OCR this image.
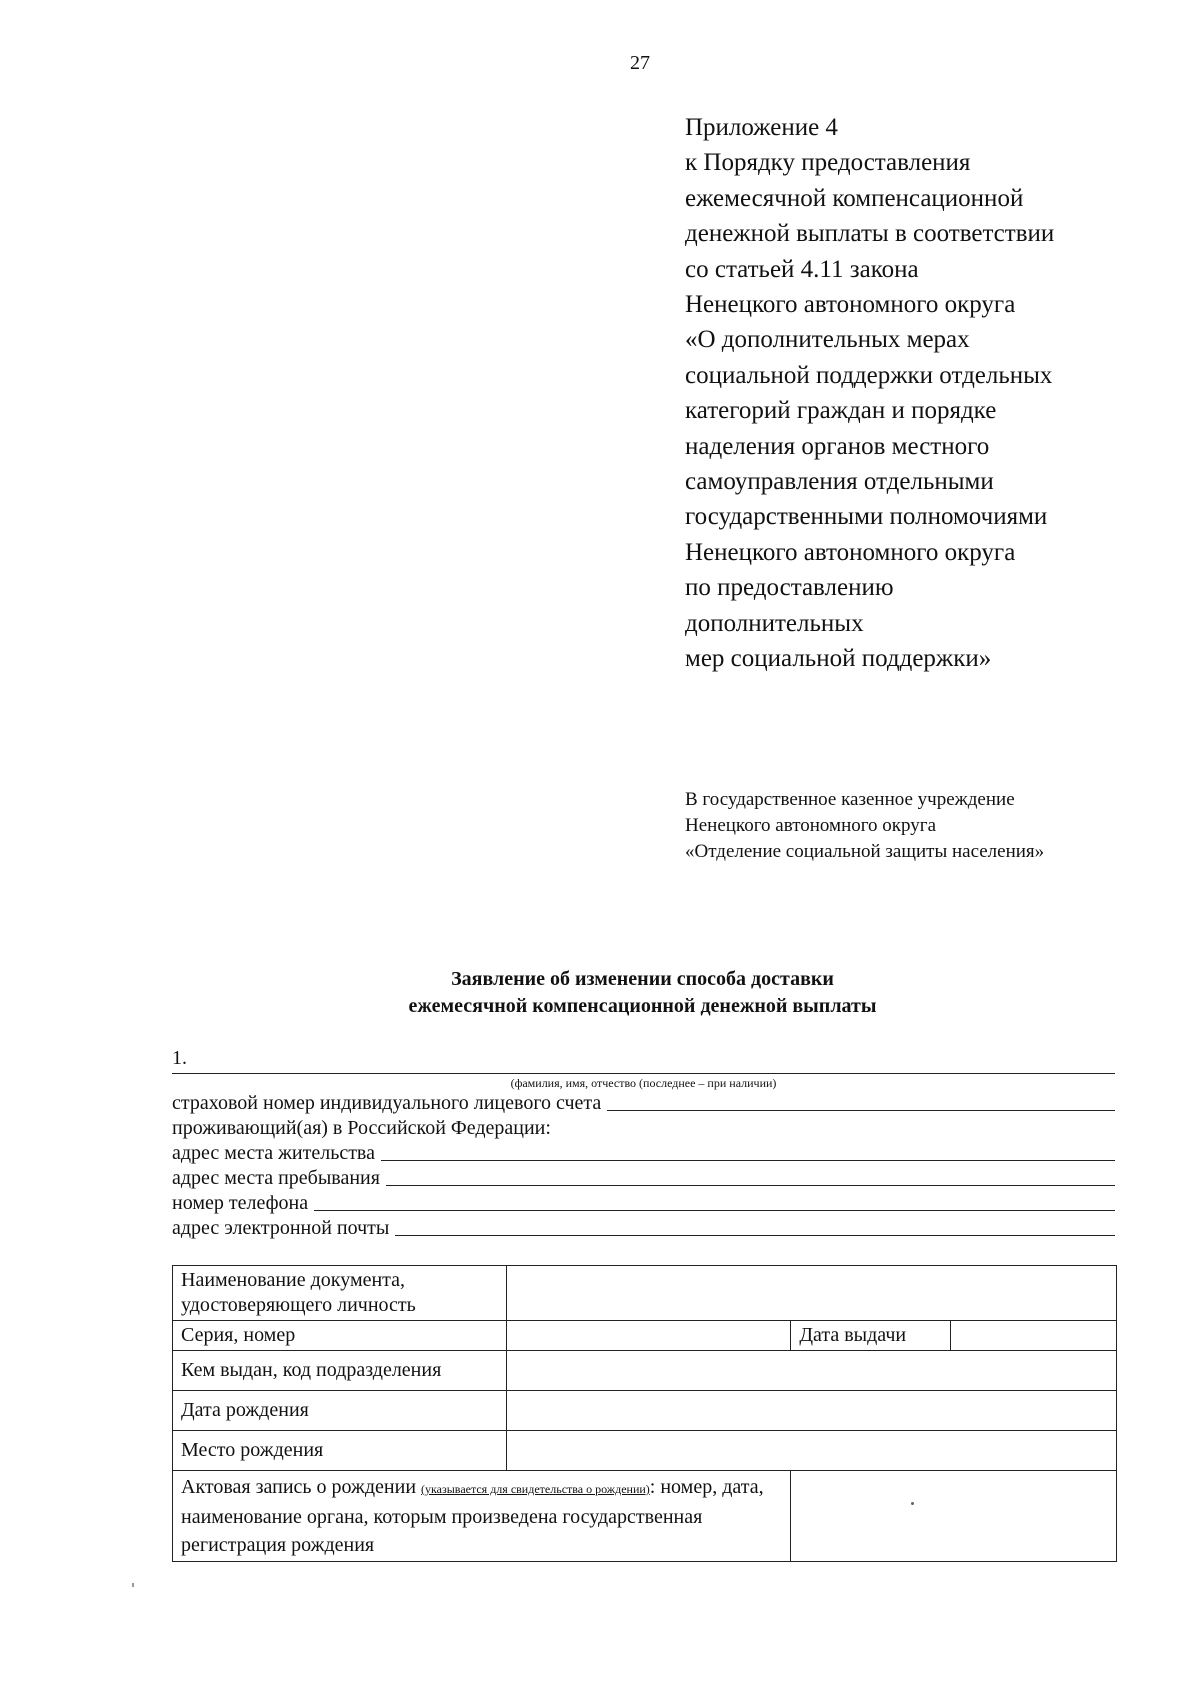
27
Приложение 4
к Порядку предоставления
ежемесячной компенсационной
денежной выплаты в соответствии
со статьей 4.11 закона
Ненецкого автономного округа
«О дополнительных мерах
социальной поддержки отдельных
категорий граждан и порядке
наделения органов местного
самоуправления отдельными
государственными полномочиями
Ненецкого автономного округа
по предоставлению
дополнительных
мер социальной поддержки»
В государственное казенное учреждение
Ненецкого автономного округа
«Отделение социальной защиты населения»
Заявление об изменении способа доставки
ежемесячной компенсационной денежной выплаты
1.
(фамилия, имя, отчество (последнее – при наличии)
страховой номер индивидуального лицевого счета
проживающий(ая) в Российской Федерации:
адрес места жительства
адрес места пребывания
номер телефона
адрес электронной почты
Наименование документа, удостоверяющего личность			
Серия, номер		Дата выдачи	
Кем выдан, код подразделения			
Дата рождения			
Место рождения			
Актовая запись о рождении (указывается для свидетельства о рождении): номер, дата, наименование органа, которым произведена государственная регистрация рождения			
